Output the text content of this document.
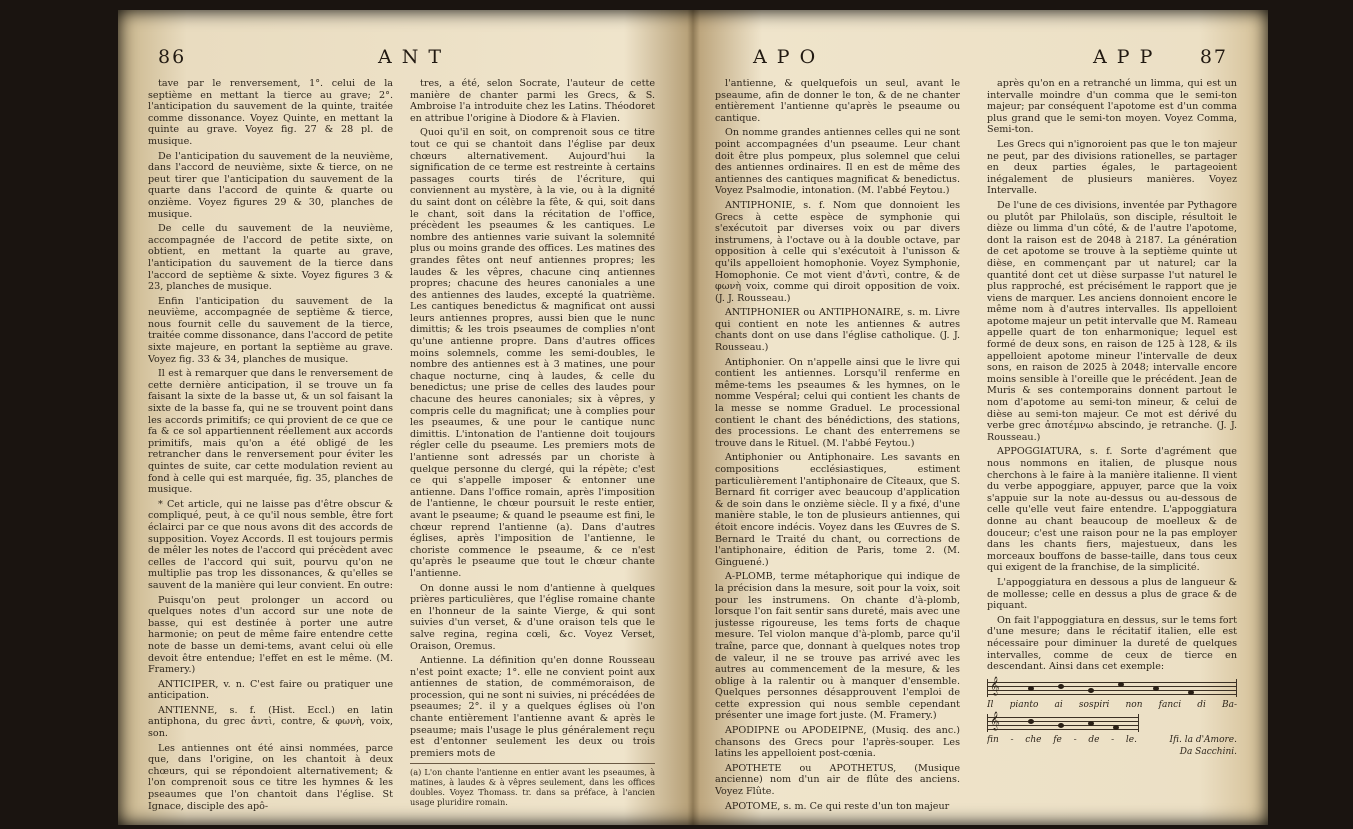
86	A N T

tave par le renversement, 1°. celui de la septième en mettant la tierce au grave; 2°. l'anticipation du sauvement de la quinte, traitée comme dissonance. Voyez Quinte, en mettant la quinte au grave. Voyez fig. 27 & 28 pl. de musique.

De l'anticipation du sauvement de la neuvième, dans l'accord de neuvième, sixte & tierce, on ne peut tirer que l'anticipation du sauvement de la quarte dans l'accord de quinte & quarte ou onzième. Voyez figures 29 & 30, planches de musique.

De celle du sauvement de la neuvième, accompagnée de l'accord de petite sixte, on obtient, en mettant la quarte au grave, l'anticipation du sauvement de la tierce dans l'accord de septième & sixte. Voyez figures 3 & 23, planches de musique.

Enfin l'anticipation du sauvement de la neuvième, accompagnée de septième & tierce, nous fournit celle du sauvement de la tierce, traitée comme dissonance, dans l'accord de petite sixte majeure, en portant la septième au grave. Voyez fig. 33 & 34, planches de musique.

Il est à remarquer que dans le renversement de cette dernière anticipation, il se trouve un fa faisant la sixte de la basse ut, & un sol faisant la sixte de la basse fa, qui ne se trouvent point dans les accords primitifs; ce qui provient de ce que ce fa & ce sol appartiennent réellement aux accords primitifs, mais qu'on a été obligé de les retrancher dans le renversement pour éviter les quintes de suite, car cette modulation revient au fond à celle qui est marquée, fig. 35, planches de musique.

* Cet article, qui ne laisse pas d'être obscur & compliqué, peut, à ce qu'il nous semble, être fort éclairci par ce que nous avons dit des accords de supposition. Voyez Accords. Il est toujours permis de mêler les notes de l'accord qui précèdent avec celles de l'accord qui suit, pourvu qu'on ne multiplie pas trop les dissonances, & qu'elles se sauvent de la manière qui leur convient. En outre:

Puisqu'on peut prolonger un accord ou quelques notes d'un accord sur une note de basse, qui est destinée à porter une autre harmonie; on peut de même faire entendre cette note de basse un demi-tems, avant celui où elle devoit être entendue; l'effet en est le même. (M. Framery.)

ANTICIPER, v. n. C'est faire ou pratiquer une anticipation.

ANTIENNE, s. f. (Hist. Eccl.) en latin antiphona, du grec ἀντὶ, contre, & φωνὴ, voix, son.

Les antiennes ont été ainsi nommées, parce que, dans l'origine, on les chantoit à deux chœurs, qui se répondoient alternativement; & l'on comprenoit sous ce titre les hymnes & les pseaumes que l'on chantoit dans l'église. St Ignace, disciple des apô-

tres, a été, selon Socrate, l'auteur de cette manière de chanter parmi les Grecs, & S. Ambroise l'a introduite chez les Latins. Théodoret en attribue l'origine à Diodore & à Flavien.

Quoi qu'il en soit, on comprenoit sous ce titre tout ce qui se chantoit dans l'église par deux chœurs alternativement. Aujourd'hui la signification de ce terme est restreinte à certains passages courts tirés de l'écriture, qui conviennent au mystère, à la vie, ou à la dignité du saint dont on célèbre la fête, & qui, soit dans le chant, soit dans la récitation de l'office, précèdent les pseaumes & les cantiques. Le nombre des antiennes varie suivant la solemnité plus ou moins grande des offices. Les matines des grandes fêtes ont neuf antiennes propres; les laudes & les vêpres, chacune cinq antiennes propres; chacune des heures canoniales a une des antiennes des laudes, excepté la quatrième. Les cantiques benedictus & magnificat ont aussi leurs antiennes propres, aussi bien que le nunc dimittis; & les trois pseaumes de complies n'ont qu'une antienne propre. Dans d'autres offices moins solemnels, comme les semi-doubles, le nombre des antiennes est à 3 matines, une pour chaque nocturne, cinq à laudes, & celle du benedictus; une prise de celles des laudes pour chacune des heures canoniales; six à vêpres, y compris celle du magnificat; une à complies pour les pseaumes, & une pour le cantique nunc dimittis. L'intonation de l'antienne doit toujours régler celle du pseaume. Les premiers mots de l'antienne sont adressés par un choriste à quelque personne du clergé, qui la répète; c'est ce qui s'appelle imposer & entonner une antienne. Dans l'office romain, après l'imposition de l'antienne, le chœur poursuit le reste entier, avant le pseaume; & quand le pseaume est fini, le chœur reprend l'antienne (a). Dans d'autres églises, après l'imposition de l'antienne, le choriste commence le pseaume, & ce n'est qu'après le pseaume que tout le chœur chante l'antienne.

On donne aussi le nom d'antienne à quelques prières particulières, que l'église romaine chante en l'honneur de la sainte Vierge, & qui sont suivies d'un verset, & d'une oraison tels que le salve regina, regina cœli, &c. Voyez Verset, Oraison, Oremus.

Antienne. La définition qu'en donne Rousseau n'est point exacte; 1°. elle ne convient point aux antiennes de station, de commémoraison, de procession, qui ne sont ni suivies, ni précédées de pseaumes; 2°. il y a quelques églises où l'on chante entièrement l'antienne avant & après le pseaume; mais l'usage le plus généralement reçu est d'entonner seulement les deux ou trois premiers mots de

(a) L'on chante l'antienne en entier avant les pseaumes, à matines, à laudes & à vêpres seulement, dans les offices doubles. Voyez Thomass. tr. dans sa préface, à l'ancien usage pluridire romain.
A P O	A P P 87

l'antienne, & quelquefois un seul, avant le pseaume, afin de donner le ton, & de ne chanter entièrement l'antienne qu'après le pseaume ou cantique.

On nomme grandes antiennes celles qui ne sont point accompagnées d'un pseaume. Leur chant doit être plus pompeux, plus solemnel que celui des antiennes ordinaires. Il en est de même des antiennes des cantiques magnificat & benedictus. Voyez Psalmodie, intonation. (M. l'abbé Feytou.)

ANTIPHONIE, s. f. Nom que donnoient les Grecs à cette espèce de symphonie qui s'exécutoit par diverses voix ou par divers instrumens, à l'octave ou à la double octave, par opposition à celle qui s'exécutoit à l'unisson & qu'ils appelloient homophonie. Voyez Symphonie, Homophonie. Ce mot vient d'ἀντὶ, contre, & de φωνὴ voix, comme qui diroit opposition de voix. (J. J. Rousseau.)

ANTIPHONIER ou ANTIPHONAIRE, s. m. Livre qui contient en note les antiennes & autres chants dont on use dans l'église catholique. (J. J. Rousseau.)

Antiphonier. On n'appelle ainsi que le livre qui contient les antiennes. Lorsqu'il renferme en même-tems les pseaumes & les hymnes, on le nomme Vespéral; celui qui contient les chants de la messe se nomme Graduel. Le processional contient le chant des bénédictions, des stations, des processions. Le chant des enterremens se trouve dans le Rituel. (M. l'abbé Feytou.)

Antiphonier ou Antiphonaire. Les savants en compositions ecclésiastiques, estiment particulièrement l'antiphonaire de Cîteaux, que S. Bernard fit corriger avec beaucoup d'application & de soin dans le onzième siècle. Il y a fixé, d'une manière stable, le ton de plusieurs antiennes, qui étoit encore indécis. Voyez dans les Œuvres de S. Bernard le Traité du chant, ou corrections de l'antiphonaire, édition de Paris, tome 2. (M. Ginguené.)

A-PLOMB, terme métaphorique qui indique de la précision dans la mesure, soit pour la voix, soit pour les instrumens. On chante d'à-plomb, lorsque l'on fait sentir sans dureté, mais avec une justesse rigoureuse, les tems forts de chaque mesure. Tel violon manque d'à-plomb, parce qu'il traîne, parce que, donnant à quelques notes trop de valeur, il ne se trouve pas arrivé avec les autres au commencement de la mesure, & les oblige à la ralentir ou à manquer d'ensemble. Quelques personnes désapprouvent l'emploi de cette expression qui nous semble cependant présenter une image fort juste. (M. Framery.)

APODIPNE ou APODEIPNE, (Musiq. des anc.) chansons des Grecs pour l'après-souper. Les latins les appelloient post-cœnia.

APOTHETE ou APOTHETUS, (Musique ancienne) nom d'un air de flûte des anciens. Voyez Flûte.

APOTOME, s. m. Ce qui reste d'un ton majeur

après qu'on en a retranché un limma, qui est un intervalle moindre d'un comma que le semi-ton majeur; par conséquent l'apotome est d'un comma plus grand que le semi-ton moyen. Voyez Comma, Semi-ton.

Les Grecs qui n'ignoroient pas que le ton majeur ne peut, par des divisions rationelles, se partager en deux parties égales, le partageoient inégalement de plusieurs manières. Voyez Intervalle.

De l'une de ces divisions, inventée par Pythagore ou plutôt par Philolaüs, son disciple, résultoit le dièze ou limma d'un côté, & de l'autre l'apotome, dont la raison est de 2048 à 2187. La génération de cet apotome se trouve à la septième quinte ut dièse, en commençant par ut naturel; car la quantité dont cet ut dièse surpasse l'ut naturel le plus rapproché, est précisément le rapport que je viens de marquer. Les anciens donnoient encore le même nom à d'autres intervalles. Ils appelloient apotome majeur un petit intervalle que M. Rameau appelle quart de ton enharmonique; lequel est formé de deux sons, en raison de 125 à 128, & ils appelloient apotome mineur l'intervalle de deux sons, en raison de 2025 à 2048; intervalle encore moins sensible à l'oreille que le précédent. Jean de Muris & ses contemporains donnent partout le nom d'apotome au semi-ton mineur, & celui de dièse au semi-ton majeur. Ce mot est dérivé du verbe grec ἀποτέμνω abscindo, je retranche. (J. J. Rousseau.)

APPOGGIATURA, s. f. Sorte d'agrément que nous nommons en italien, de plusque nous cherchons à le faire à la manière italienne. Il vient du verbe appoggiare, appuyer, parce que la voix s'appuie sur la note au-dessus ou au-dessous de celle qu'elle veut faire entendre. L'appoggiatura donne au chant beaucoup de moelleux & de douceur; c'est une raison pour ne la pas employer dans les chants fiers, majestueux, dans les morceaux bouffons de basse-taille, dans tous ceux qui exigent de la franchise, de la simplicité.

L'appoggiatura en dessous a plus de langueur & de mollesse; celle en dessus a plus de grace & de piquant.

On fait l'appoggiatura en dessus, sur le tems fort d'une mesure; dans le récitatif italien, elle est nécessaire pour diminuer la dureté de quelques intervalles, comme de ceux de tierce en descendant. Ainsi dans cet exemple:

𝄞
Il pianto ai sospiri non fanci di Ba-
𝄞
fin - che fe - de - le.	Ifi. la d'Amore.
Da Sacchini.
